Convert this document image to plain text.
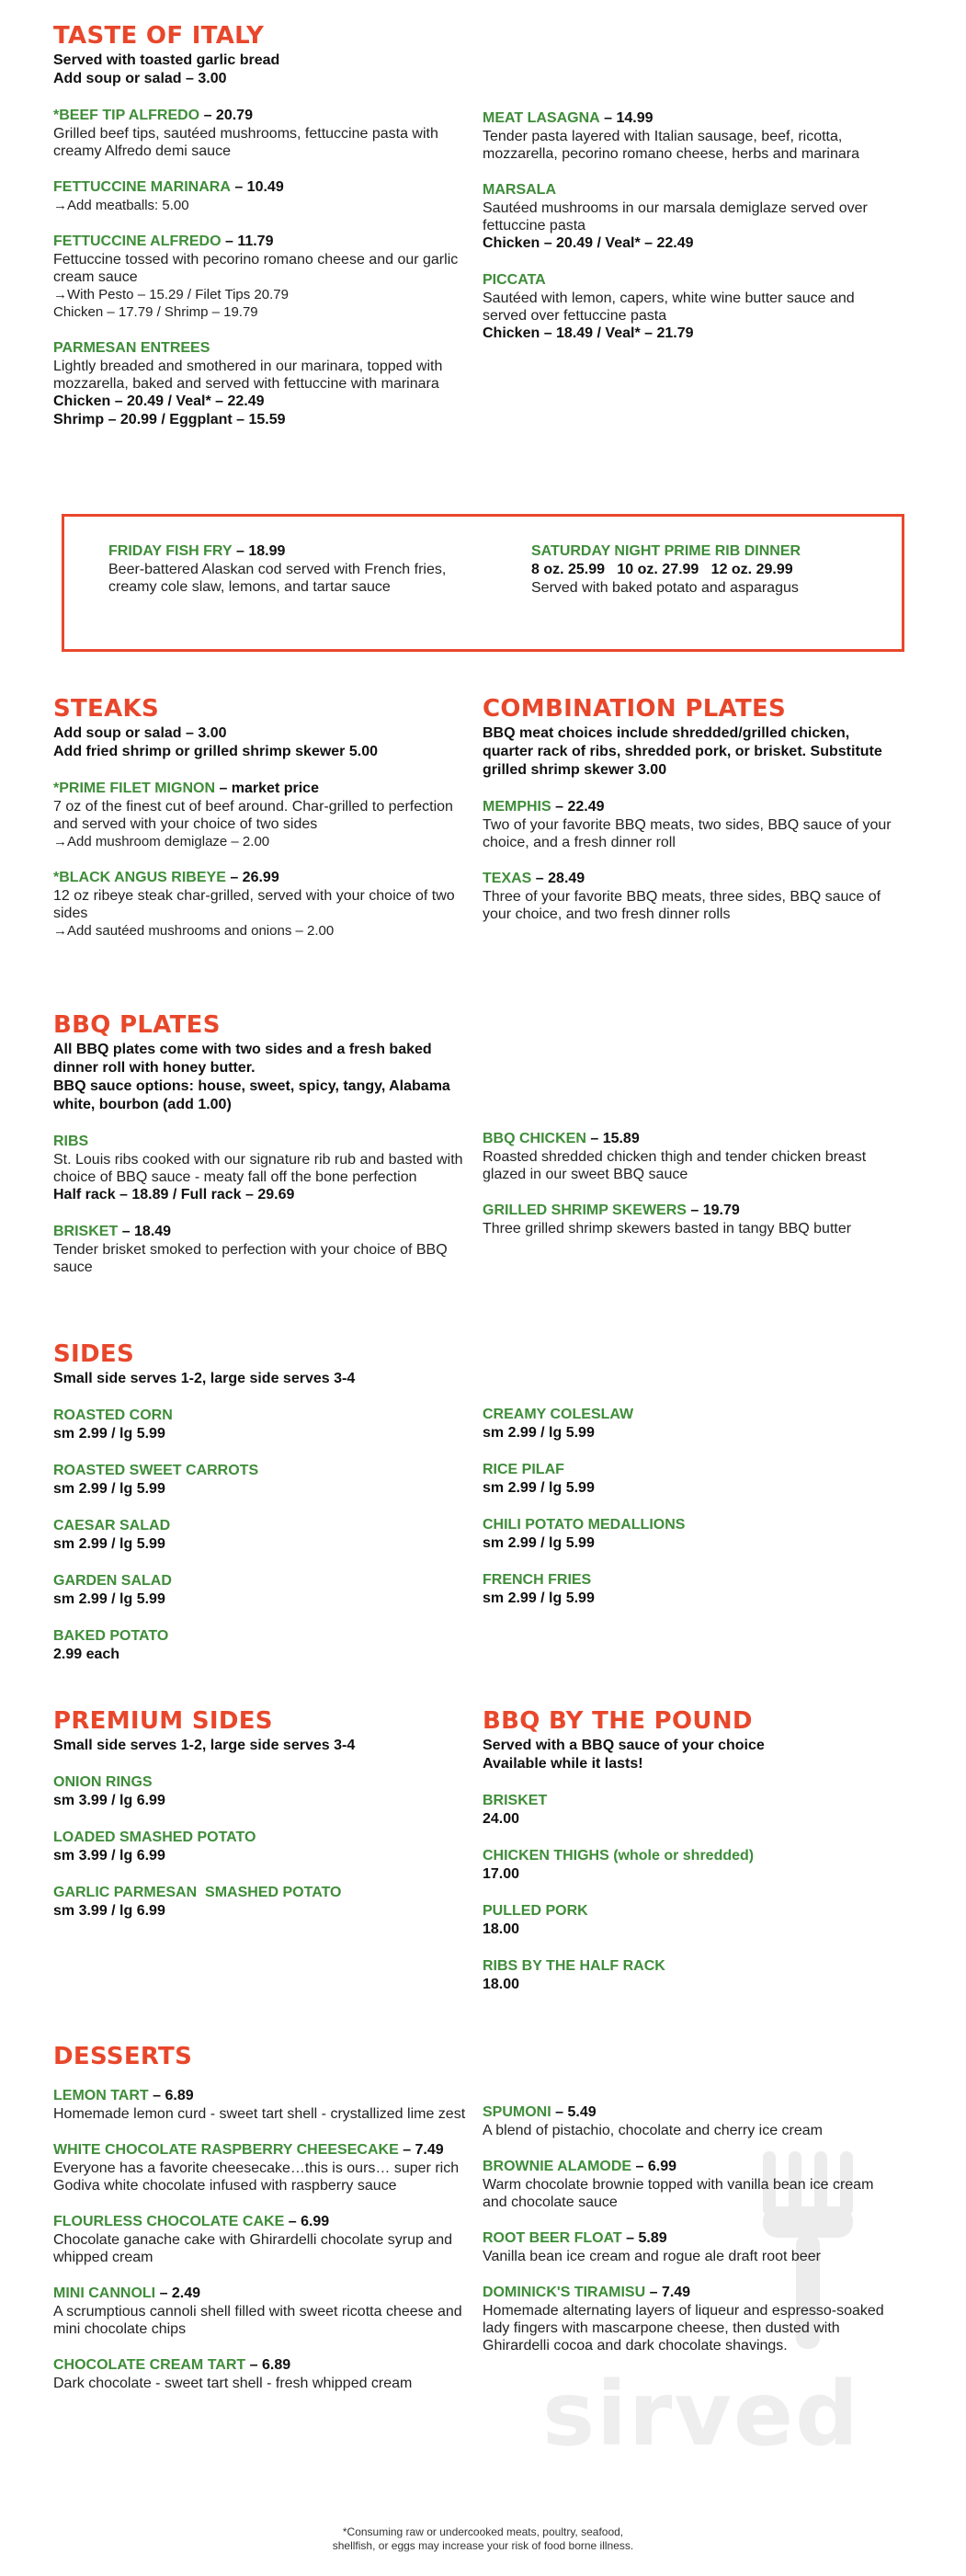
TASTE OF ITALY
Served with toasted garlic bread
Add soup or salad – 3.00
*BEEF TIP ALFREDO – 20.79
Grilled beef tips, sautéed mushrooms, fettuccine pasta with creamy Alfredo demi sauce
FETTUCCINE MARINARA – 10.49
→Add meatballs: 5.00
FETTUCCINE ALFREDO – 11.79
Fettuccine tossed with pecorino romano cheese and our garlic cream sauce
→With Pesto – 15.29 / Filet Tips 20.79
Chicken – 17.79 / Shrimp – 19.79
PARMESAN ENTREES
Lightly breaded and smothered in our marinara, topped with mozzarella, baked and served with fettuccine with marinara
Chicken – 20.49 / Veal* – 22.49
Shrimp – 20.99 / Eggplant – 15.59
MEAT LASAGNA – 14.99
Tender pasta layered with Italian sausage, beef, ricotta, mozzarella, pecorino romano cheese, herbs and marinara
MARSALA
Sautéed mushrooms in our marsala demiglaze served over fettuccine pasta
Chicken – 20.49 / Veal* – 22.49
PICCATA
Sautéed with lemon, capers, white wine butter sauce and served over fettuccine pasta
Chicken – 18.49 / Veal* – 21.79
FRIDAY FISH FRY – 18.99
Beer-battered Alaskan cod served with French fries, creamy cole slaw, lemons, and tartar sauce
SATURDAY NIGHT PRIME RIB DINNER
8 oz. 25.99   10 oz. 27.99   12 oz. 29.99
Served with baked potato and asparagus
STEAKS
Add soup or salad – 3.00
Add fried shrimp or grilled shrimp skewer 5.00
*PRIME FILET MIGNON – market price
7 oz of the finest cut of beef around. Char-grilled to perfection and served with your choice of two sides
→Add mushroom demiglaze – 2.00
*BLACK ANGUS RIBEYE – 26.99
12 oz ribeye steak char-grilled, served with your choice of two sides
→Add sautéed mushrooms and onions – 2.00
COMBINATION PLATES
BBQ meat choices include shredded/grilled chicken, quarter rack of ribs, shredded pork, or brisket. Substitute grilled shrimp skewer 3.00
MEMPHIS – 22.49
Two of your favorite BBQ meats, two sides, BBQ sauce of your choice, and a fresh dinner roll
TEXAS – 28.49
Three of your favorite BBQ meats, three sides, BBQ sauce of your choice, and two fresh dinner rolls
BBQ PLATES
All BBQ plates come with two sides and a fresh baked dinner roll with honey butter.
BBQ sauce options: house, sweet, spicy, tangy, Alabama white, bourbon (add 1.00)
RIBS
St. Louis ribs cooked with our signature rib rub and basted with choice of BBQ sauce - meaty fall off the bone perfection
Half rack – 18.89 / Full rack – 29.69
BRISKET – 18.49
Tender brisket smoked to perfection with your choice of BBQ sauce
BBQ CHICKEN – 15.89
Roasted shredded chicken thigh and tender chicken breast glazed in our sweet BBQ sauce
GRILLED SHRIMP SKEWERS – 19.79
Three grilled shrimp skewers basted in tangy BBQ butter
SIDES
Small side serves 1-2, large side serves 3-4
ROASTED CORN
sm 2.99 / lg 5.99
ROASTED SWEET CARROTS
sm 2.99 / lg 5.99
CAESAR SALAD
sm 2.99 / lg 5.99
GARDEN SALAD
sm 2.99 / lg 5.99
BAKED POTATO
2.99 each
CREAMY COLESLAW
sm 2.99 / lg 5.99
RICE PILAF
sm 2.99 / lg 5.99
CHILI POTATO MEDALLIONS
sm 2.99 / lg 5.99
FRENCH FRIES
sm 2.99 / lg 5.99
PREMIUM SIDES
Small side serves 1-2, large side serves 3-4
ONION RINGS
sm 3.99 / lg 6.99
LOADED SMASHED POTATO
sm 3.99 / lg 6.99
GARLIC PARMESAN  SMASHED POTATO
sm 3.99 / lg 6.99
BBQ BY THE POUND
Served with a BBQ sauce of your choice
Available while it lasts!
BRISKET
24.00
CHICKEN THIGHS (whole or shredded)
17.00
PULLED PORK
18.00
RIBS BY THE HALF RACK
18.00
sirved
DESSERTS
LEMON TART – 6.89
Homemade lemon curd - sweet tart shell - crystallized lime zest
WHITE CHOCOLATE RASPBERRY CHEESECAKE – 7.49
Everyone has a favorite cheesecake…this is ours… super rich Godiva white chocolate infused with raspberry sauce
FLOURLESS CHOCOLATE CAKE – 6.99
Chocolate ganache cake with Ghirardelli chocolate syrup and whipped cream
MINI CANNOLI – 2.49
A scrumptious cannoli shell filled with sweet ricotta cheese and mini chocolate chips
CHOCOLATE CREAM TART – 6.89
Dark chocolate - sweet tart shell - fresh whipped cream
SPUMONI – 5.49
A blend of pistachio, chocolate and cherry ice cream
BROWNIE ALAMODE – 6.99
Warm chocolate brownie topped with vanilla bean ice cream and chocolate sauce
ROOT BEER FLOAT – 5.89
Vanilla bean ice cream and rogue ale draft root beer
DOMINICK'S TIRAMISU – 7.49
Homemade alternating layers of liqueur and espresso-soaked lady fingers with mascarpone cheese, then dusted with Ghirardelli cocoa and dark chocolate shavings.
*Consuming raw or undercooked meats, poultry, seafood,
shellfish, or eggs may increase your risk of food borne illness.
